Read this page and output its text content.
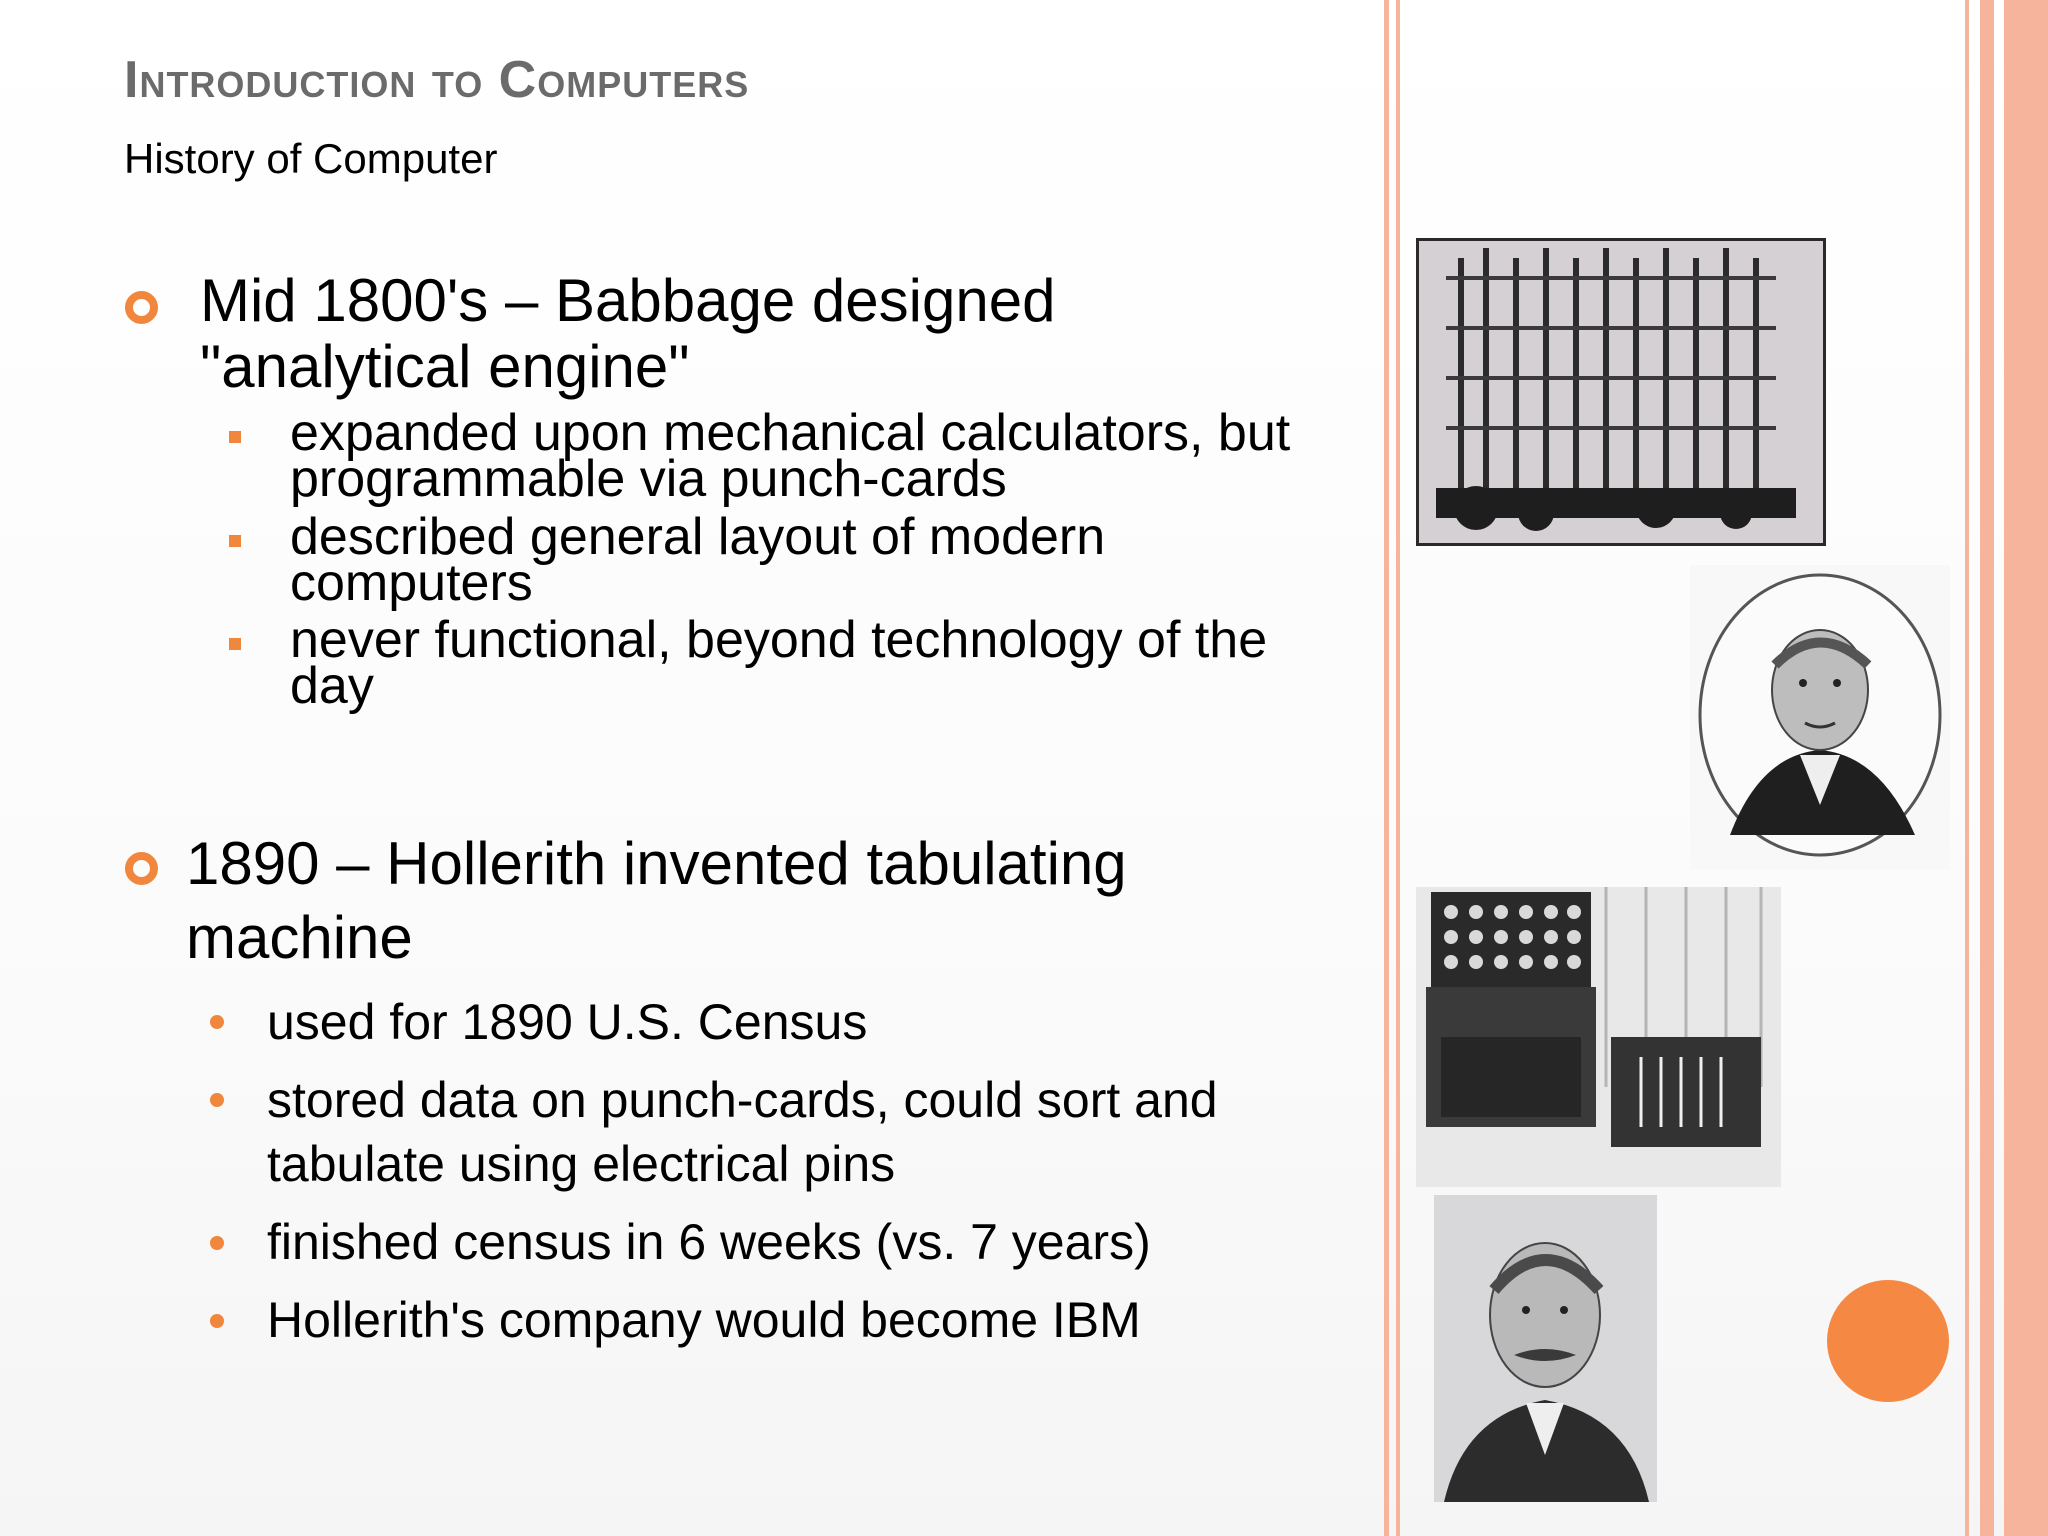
Introduction to Computers
History of Computer
Mid 1800's – Babbage designed
"analytical engine"
expanded upon mechanical calculators, but
programmable via punch-cards
described general layout of modern
computers
never functional, beyond technology of the
day
1890 – Hollerith invented tabulating
machine
used for 1890 U.S. Census
stored data on punch-cards, could sort and
tabulate using electrical pins
finished census in 6 weeks (vs. 7 years)
Hollerith's company would become IBM
